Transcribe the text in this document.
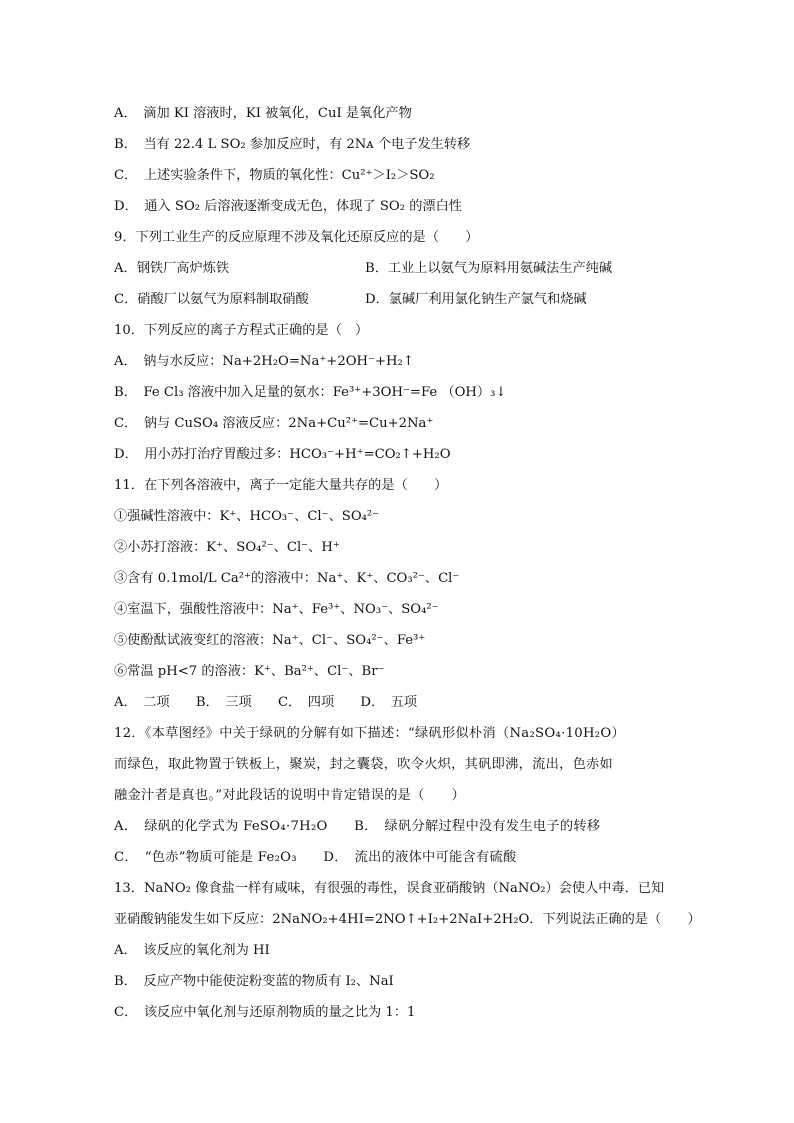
A．　滴加 KI 溶液时，KI 被氧化，CuI 是氧化产物
B．　当有 22.4 L SO₂ 参加反应时，有 2Nᴀ 个电子发生转移
C．　上述实验条件下，物质的氧化性：Cu²⁺＞I₂＞SO₂
D．　通入 SO₂ 后溶液逐渐变成无色，体现了 SO₂ 的漂白性
9．下列工业生产的反应原理不涉及氧化还原反应的是（　　）
A．钢铁厂高炉炼铁	B．工业上以氨气为原料用氨碱法生产纯碱
C．硝酸厂以氨气为原料制取硝酸	D．氯碱厂利用氯化钠生产氯气和烧碱
10．下列反应的离子方程式正确的是（　）
A．　钠与水反应：Na+2H₂O=Na⁺+2OH⁻+H₂↑
B．　Fe Cl₃ 溶液中加入足量的氨水：Fe³⁺+3OH⁻=Fe （OH）₃↓
C．　钠与 CuSO₄ 溶液反应：2Na+Cu²⁺=Cu+2Na⁺
D．　用小苏打治疗胃酸过多：HCO₃⁻+H⁺=CO₂↑+H₂O
11．在下列各溶液中，离子一定能大量共存的是（　　）
①强碱性溶液中：K⁺、HCO₃⁻、Cl⁻、SO₄²⁻
②小苏打溶液：K⁺、SO₄²⁻、Cl⁻、H⁺
③含有 0.1mol/L Ca²⁺的溶液中：Na⁺、K⁺、CO₃²⁻、Cl⁻
④室温下，强酸性溶液中：Na⁺、Fe³⁺、NO₃⁻、SO₄²⁻
⑤使酚酞试液变红的溶液：Na⁺、Cl⁻、SO₄²⁻、Fe³⁺
⑥常温 pH<7 的溶液：K⁺、Ba²⁺、Cl⁻、Br⁻
A．　二项 B．　三项 C．　四项 D．　五项
12．《本草图经》中关于绿矾的分解有如下描述：“绿矾形似朴消（Na₂SO₄·10H₂O）
而绿色，取此物置于铁板上，聚炭，封之囊袋，吹令火炽，其矾即沸，流出，色赤如
融金汁者是真也。”对此段话的说明中肯定错误的是（　　）
A．　绿矾的化学式为 FeSO₄·7H₂O B．　绿矾分解过程中没有发生电子的转移
C．　“色赤”物质可能是 Fe₂O₃ D．　流出的液体中可能含有硫酸
13．NaNO₂ 像食盐一样有咸味，有很强的毒性，误食亚硝酸钠（NaNO₂）会使人中毒．已知
亚硝酸钠能发生如下反应：2NaNO₂+4HI=2NO↑+I₂+2NaI+2H₂O．下列说法正确的是（　　）
A．　该反应的氧化剂为 HI
B．　反应产物中能使淀粉变蓝的物质有 I₂、NaI
C．　该反应中氧化剂与还原剂物质的量之比为 1：1
